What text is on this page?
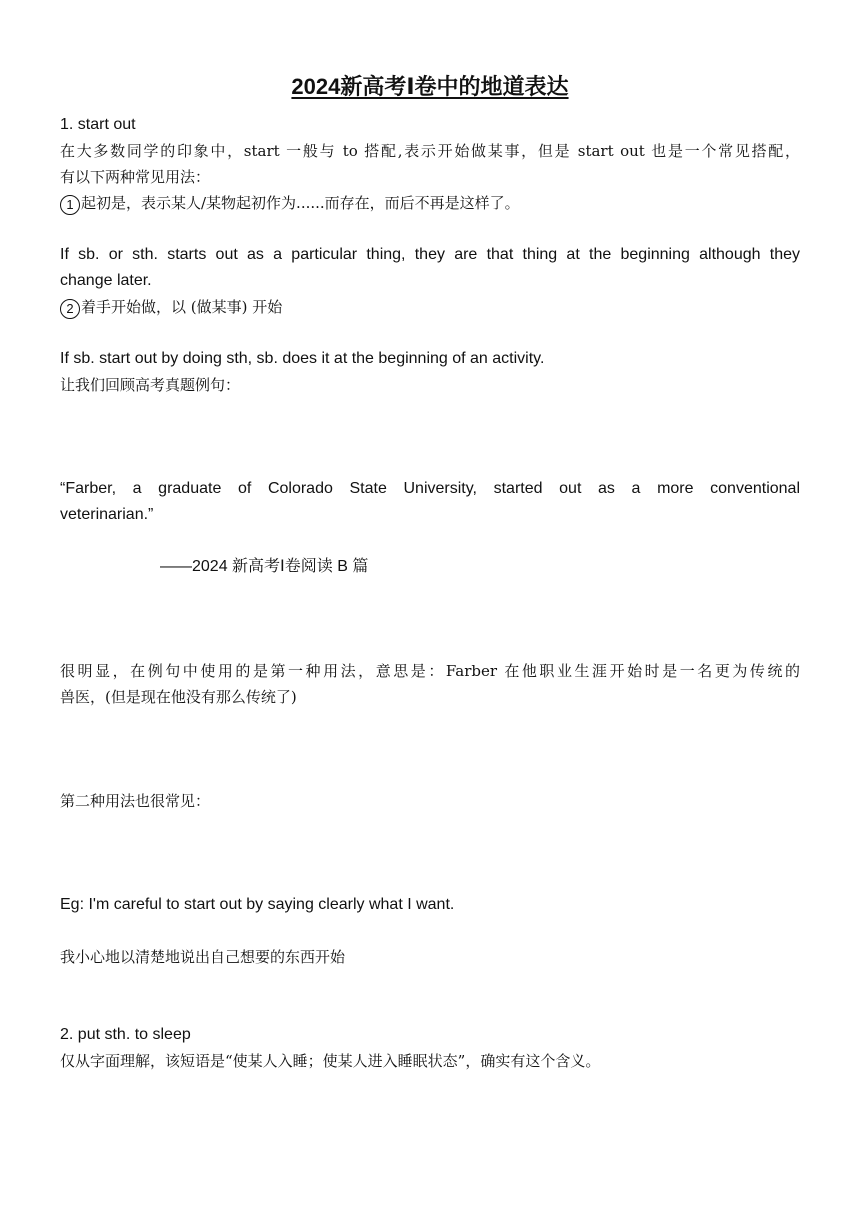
2024新高考Ⅰ卷中的地道表达
1. start out
在大多数同学的印象中，start 一般与 to 搭配,表示开始做某事，但是 start out 也是一个常见搭配，
有以下两种常见用法：
1 起初是，表示某人/某物起初作为......而存在，而后不再是这样了。
If sb. or sth. starts out as a particular thing, they are that thing at the beginning although they
change later.
2 着手开始做，以 (做某事) 开始
If sb. start out by doing sth, sb. does it at the beginning of an activity.
让我们回顾高考真题例句：
“Farber, a graduate of Colorado State University, started out as a more conventional
veterinarian.”
——2024 新高考Ⅰ卷阅读 B 篇
很明显，在例句中使用的是第一种用法，意思是：Farber 在他职业生涯开始时是一名更为传统的
兽医，(但是现在他没有那么传统了)
第二种用法也很常见：
Eg: I'm careful to start out by saying clearly what I want.
我小心地以清楚地说出自己想要的东西开始
2. put sth. to sleep
仅从字面理解，该短语是“使某人入睡；使某人进入睡眠状态”，确实有这个含义。
